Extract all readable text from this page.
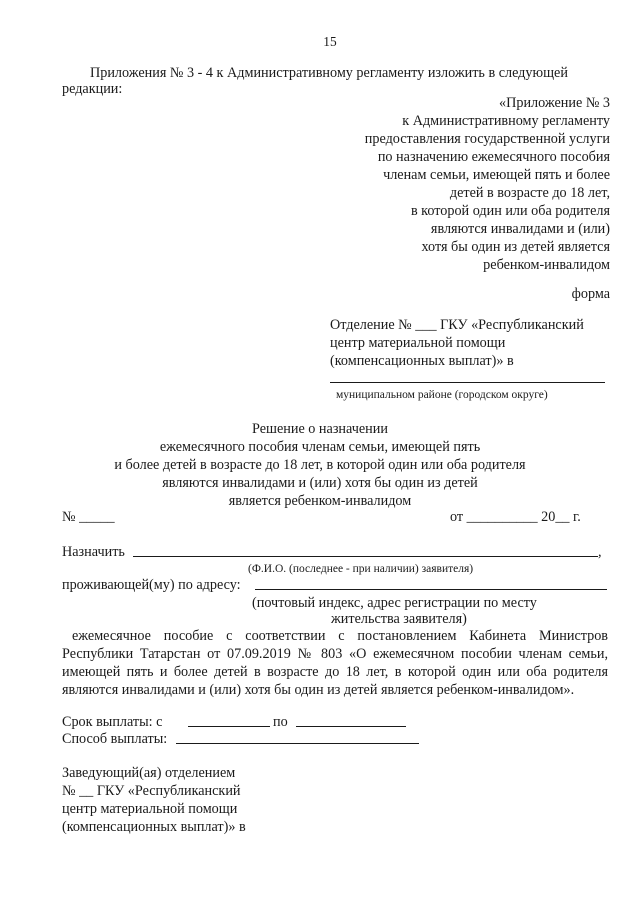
15
Приложения № 3 - 4 к Административному регламенту изложить в следующей
редакции:
«Приложение № 3
к Административному регламенту
предоставления государственной услуги
по назначению ежемесячного пособия
членам семьи, имеющей пять и более
детей в возрасте до 18 лет,
в которой один или оба родителя
являются инвалидами и (или)
хотя бы один из детей является
ребенком-инвалидом
форма
Отделение № ___ ГКУ «Республиканский
центр материальной помощи
(компенсационных выплат)» в
муниципальном районе (городском округе)
Решение о назначении
ежемесячного пособия членам семьи, имеющей пять
и более детей в возрасте до 18 лет, в которой один или оба родителя
являются инвалидами и (или) хотя бы один из детей
является ребенком-инвалидом
№ _____	от __________ 20__ г.
Назначить	,
(Ф.И.О. (последнее - при наличии) заявителя)
проживающей(му) по адресу:
(почтовый индекс, адрес регистрации по месту
жительства заявителя)
ежемесячное пособие с соответствии с постановлением Кабинета Министров
Республики Татарстан от 07.09.2019 № 803 «О ежемесячном пособии членам семьи,
имеющей пять и более детей в возрасте до 18 лет, в которой один или оба родителя
являются инвалидами и (или) хотя бы один из детей является ребенком-инвалидом».
Срок выплаты: с	по
Способ выплаты:
Заведующий(ая) отделением
№ __ ГКУ «Республиканский
центр материальной помощи
(компенсационных выплат)» в
